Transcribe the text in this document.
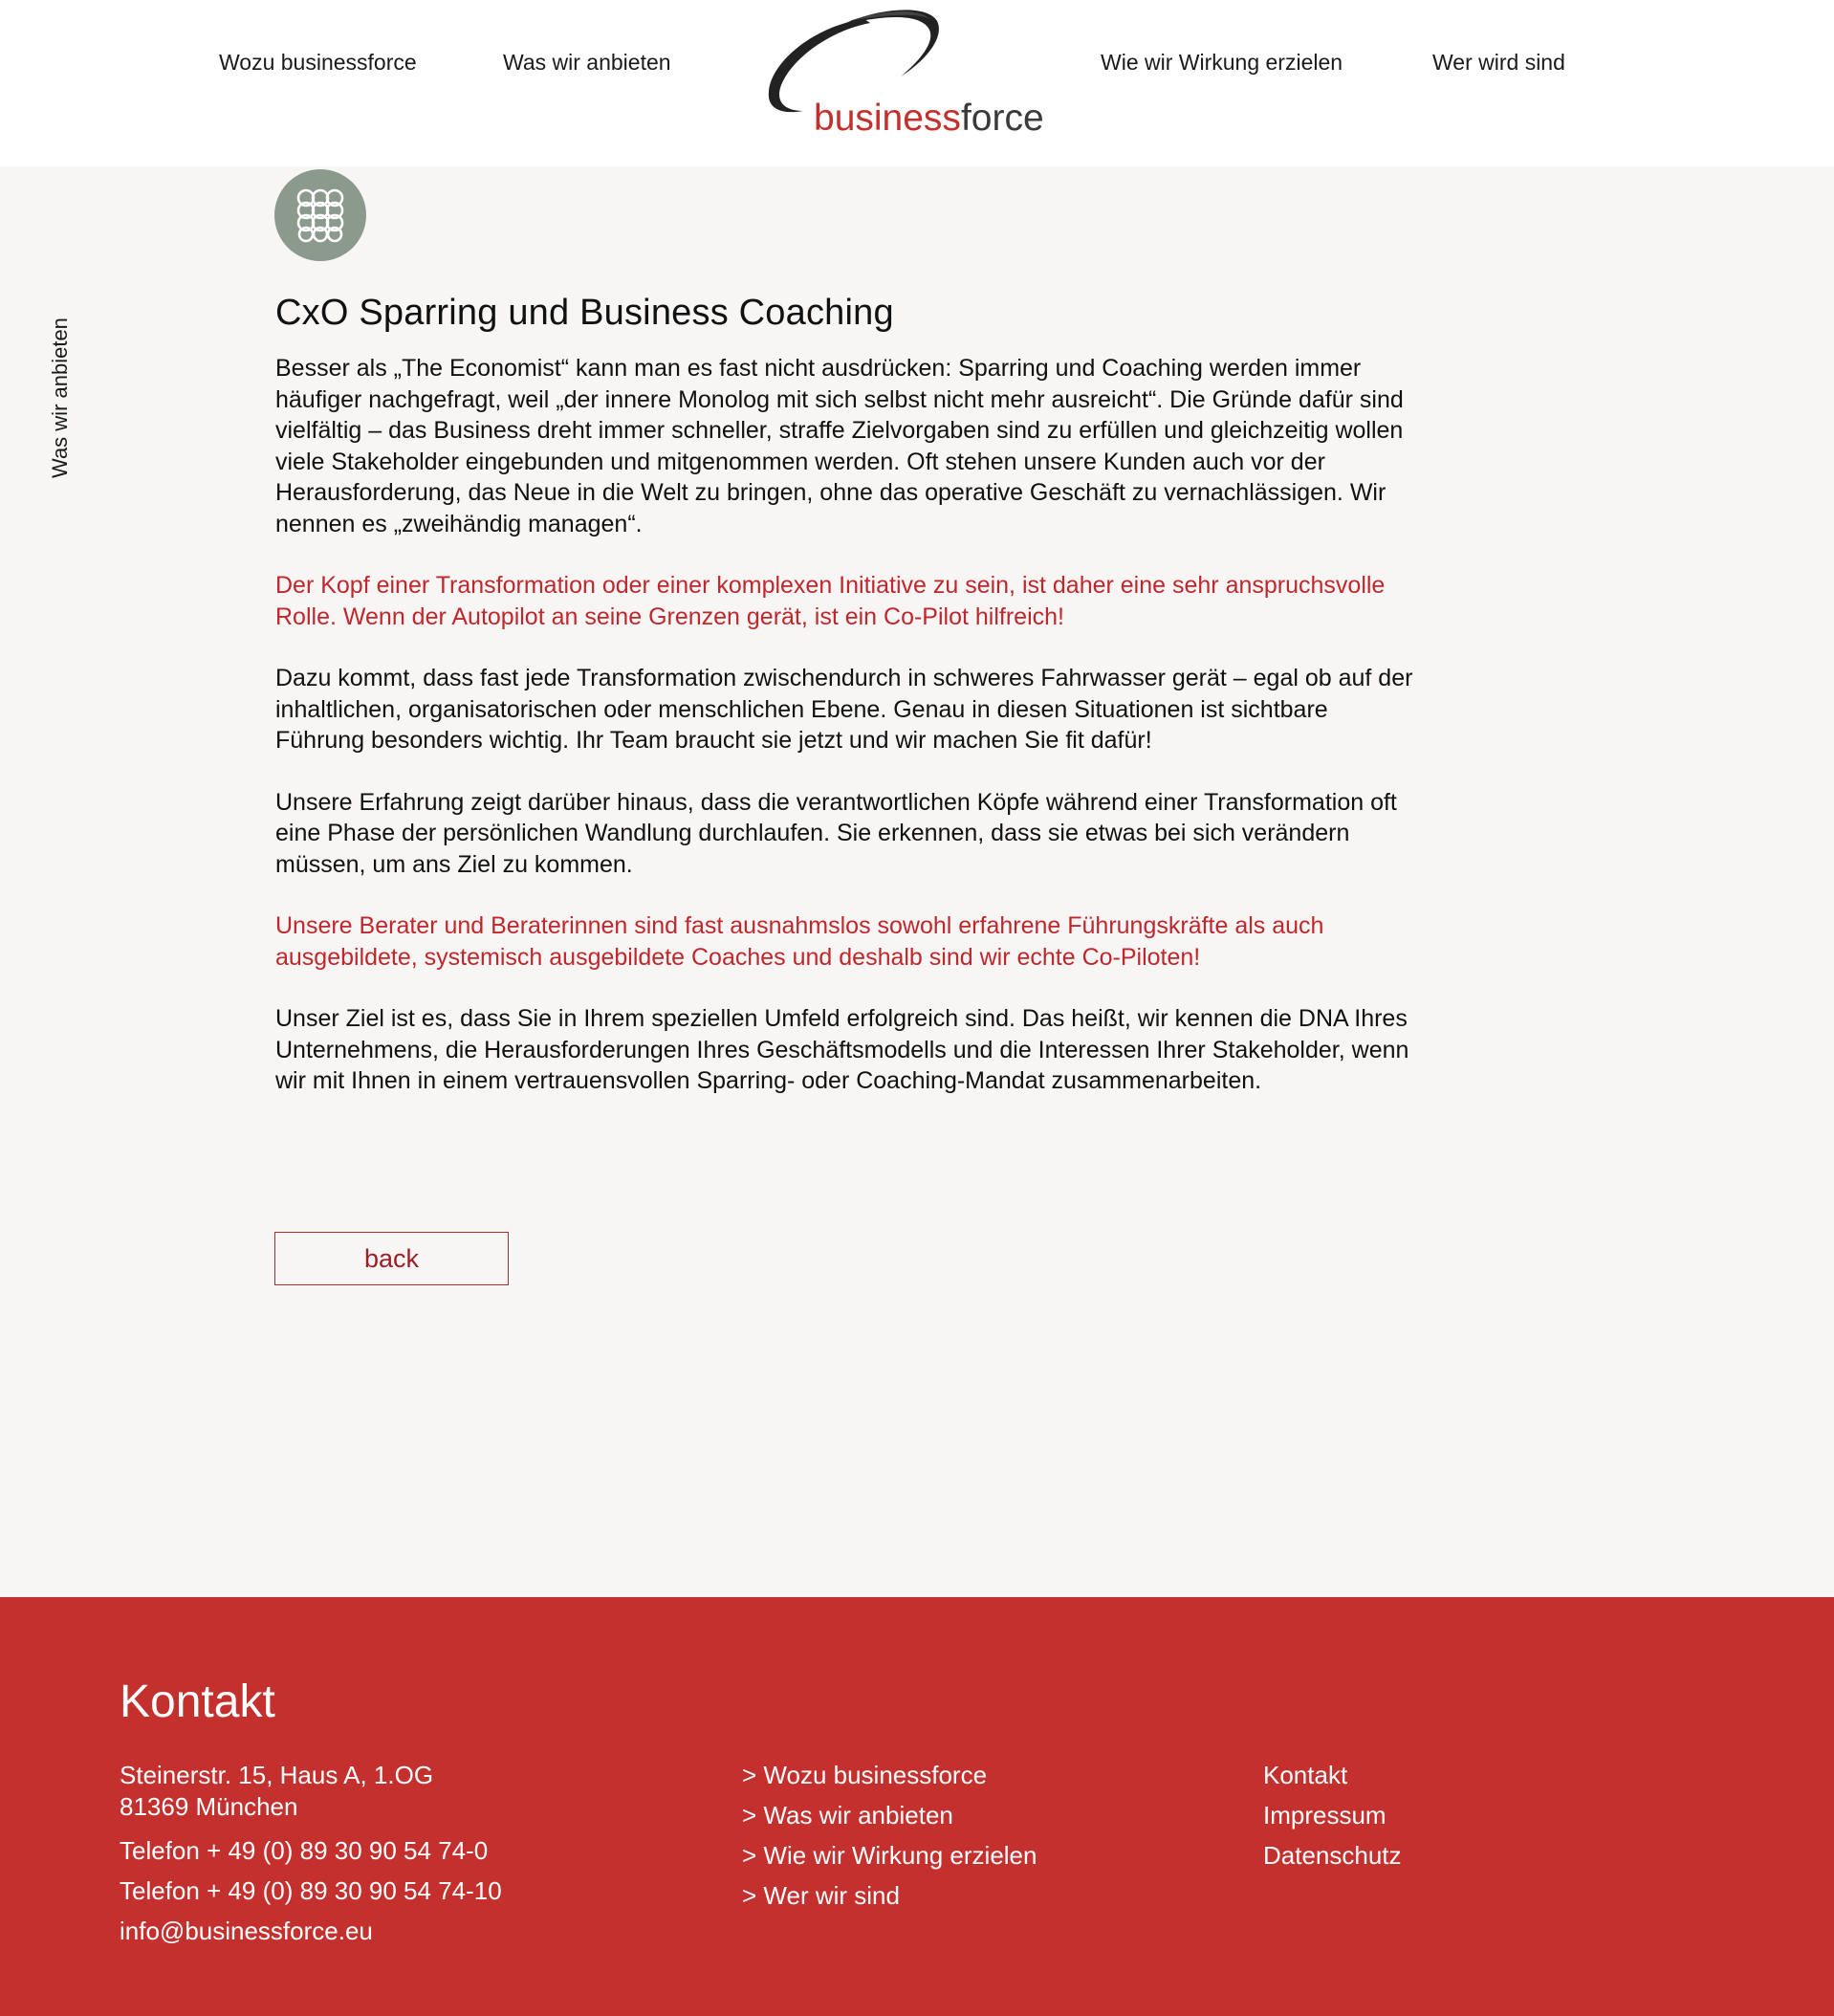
Wozu businessforce	Was wir anbieten
businessforce
Wie wir Wirkung erzielen	Wer wird sind
Was wir anbieten
CxO Sparring und Business Coaching

Besser als „The Economist“ kann man es fast nicht ausdrücken: Sparring und Coaching werden immer häufiger nachgefragt, weil „der innere Monolog mit sich selbst nicht mehr ausreicht“. Die Gründe dafür sind vielfältig – das Business dreht immer schneller, straffe Zielvorgaben sind zu erfüllen und gleichzeitig wollen viele Stakeholder eingebunden und mitgenommen werden. Oft stehen unsere Kunden auch vor der Herausforderung, das Neue in die Welt zu bringen, ohne das operative Geschäft zu vernachlässigen. Wir nennen es „zweihändig managen“.

Der Kopf einer Transformation oder einer komplexen Initiative zu sein, ist daher eine sehr anspruchsvolle Rolle. Wenn der Autopilot an seine Grenzen gerät, ist ein Co-Pilot hilfreich!

Dazu kommt, dass fast jede Transformation zwischendurch in schweres Fahrwasser gerät – egal ob auf der inhaltlichen, organisatorischen oder menschlichen Ebene. Genau in diesen Situationen ist sichtbare Führung besonders wichtig. Ihr Team braucht sie jetzt und wir machen Sie fit dafür!

Unsere Erfahrung zeigt darüber hinaus, dass die verantwortlichen Köpfe während einer Transformation oft eine Phase der persönlichen Wandlung durchlaufen. Sie erkennen, dass sie etwas bei sich verändern müssen, um ans Ziel zu kommen.

Unsere Berater und Beraterinnen sind fast ausnahmslos sowohl erfahrene Führungskräfte als auch ausgebildete, systemisch ausgebildete Coaches und deshalb sind wir echte Co-Piloten!

Unser Ziel ist es, dass Sie in Ihrem speziellen Umfeld erfolgreich sind. Das heißt, wir kennen die DNA Ihres Unternehmens, die Herausforderungen Ihres Geschäftsmodells und die Interessen Ihrer Stakeholder, wenn wir mit Ihnen in einem vertrauensvollen Sparring- oder Coaching-Mandat zusammenarbeiten.

back
Kontakt
Steinerstr. 15, Haus A, 1.OG
81369 München
Telefon + 49 (0) 89 30 90 54 74-0
Telefon + 49 (0) 89 30 90 54 74-10
info@businessforce.eu
> Wozu businessforce
> Was wir anbieten
> Wie wir Wirkung erzielen
> Wer wir sind
Kontakt
Impressum
Datenschutz
